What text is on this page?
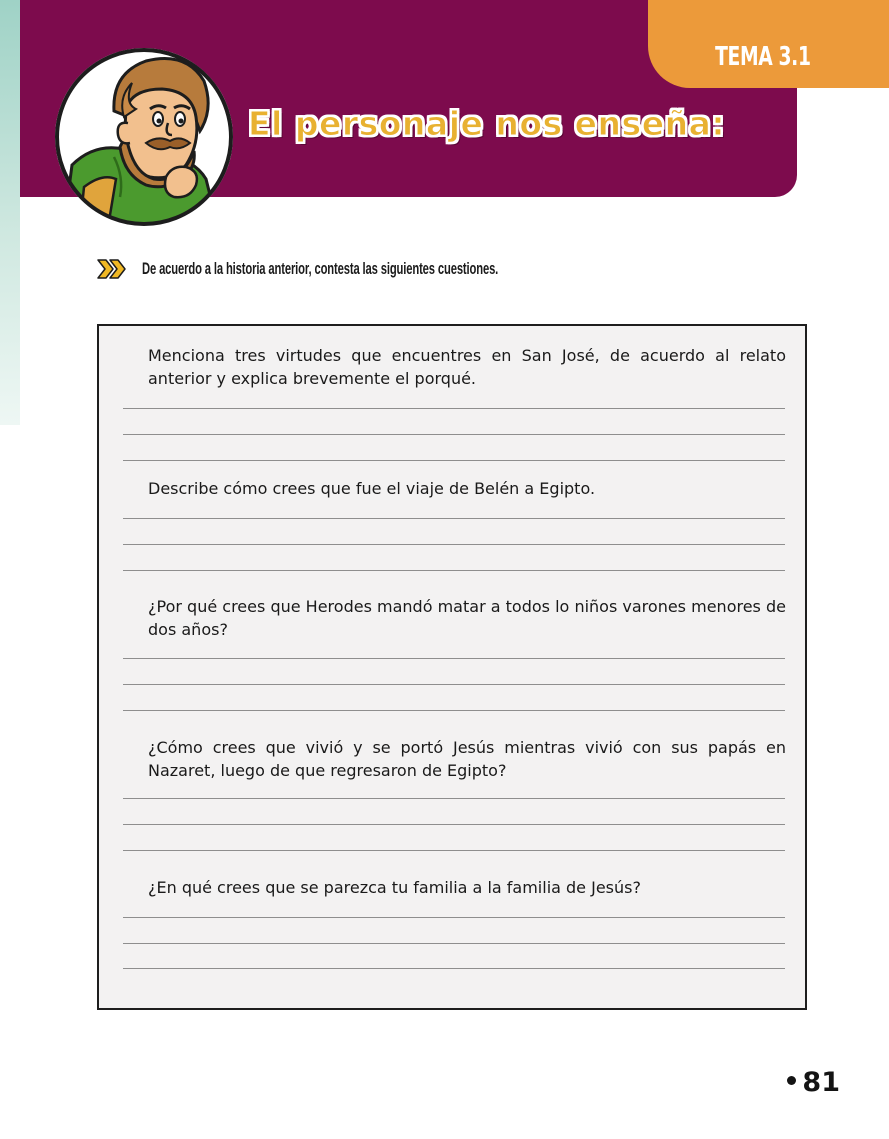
TEMA 3.1
El personaje nos enseña:
De acuerdo a la historia anterior, contesta las siguientes cuestiones.

Menciona tres virtudes que encuentres en San José, de acuerdo al relato anterior y explica brevemente el porqué.

Describe cómo crees que fue el viaje de Belén a Egipto.

¿Por qué crees que Herodes mandó matar a todos lo niños varones menores de dos años?

¿Cómo crees que vivió y se portó Jesús mientras vivió con sus papás en Nazaret, luego de que regresaron de Egipto?

¿En qué crees que se parezca tu familia a la familia de Jesús?

81
